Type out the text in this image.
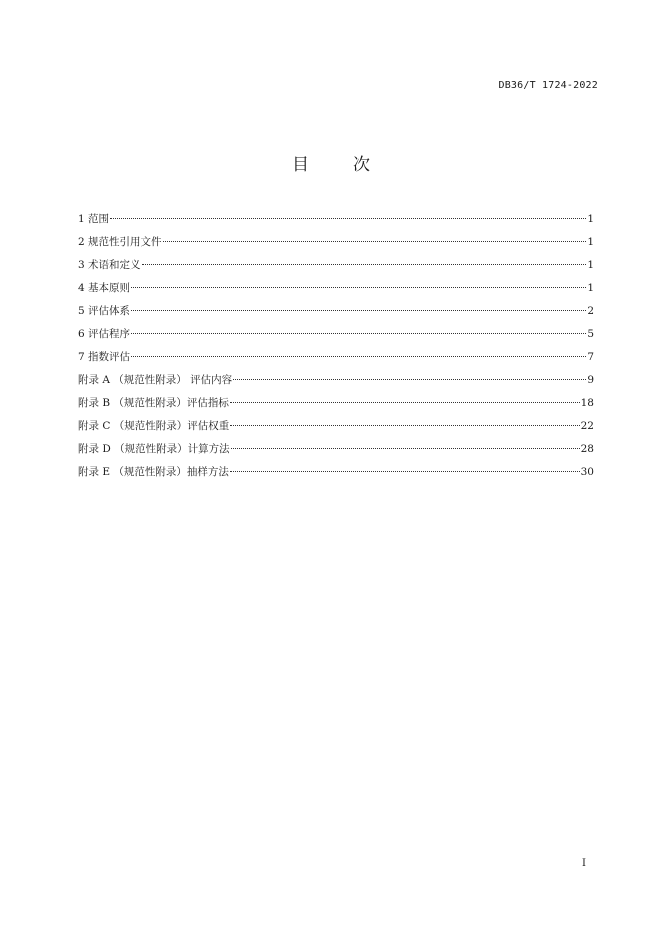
DB36/T 1724-2022
目	次
1 范围	1
2 规范性引用文件	1
3 术语和定义	1
4 基本原则	1
5 评估体系	2
6 评估程序	5
7 指数评估	7
附录 A （规范性附录） 评估内容	9
附录 B （规范性附录）评估指标	18
附录 C （规范性附录）评估权重	22
附录 D （规范性附录）计算方法	28
附录 E （规范性附录）抽样方法	30
I
